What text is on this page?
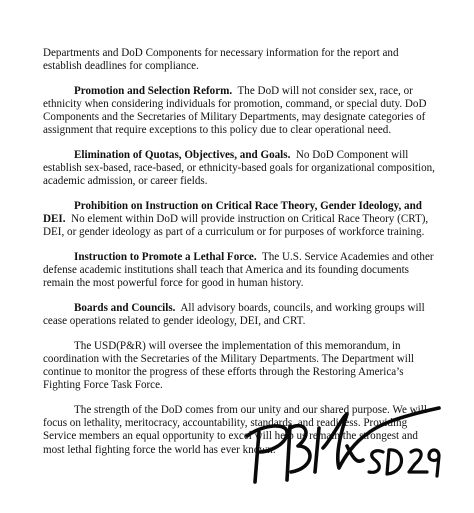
Departments and DoD Components for necessary information for the report and establish deadlines for compliance.

Promotion and Selection Reform. The DoD will not consider sex, race, or ethnicity when considering individuals for promotion, command, or special duty. DoD Components and the Secretaries of Military Departments, may designate categories of assignment that require exceptions to this policy due to clear operational need.

Elimination of Quotas, Objectives, and Goals. No DoD Component will establish sex-based, race-based, or ethnicity-based goals for organizational composition, academic admission, or career fields.

Prohibition on Instruction on Critical Race Theory, Gender Ideology, and DEI. No element within DoD will provide instruction on Critical Race Theory (CRT), DEI, or gender ideology as part of a curriculum or for purposes of workforce training.

Instruction to Promote a Lethal Force. The U.S. Service Academies and other defense academic institutions shall teach that America and its founding documents remain the most powerful force for good in human history.

Boards and Councils. All advisory boards, councils, and working groups will cease operations related to gender ideology, DEI, and CRT.

The USD(P&R) will oversee the implementation of this memorandum, in coordination with the Secretaries of the Military Departments. The Department will continue to monitor the progress of these efforts through the Restoring America’s Fighting Force Task Force.

The strength of the DoD comes from our unity and our shared purpose. We will focus on lethality, meritocracy, accountability, standards, and readiness. Providing Service members an equal opportunity to excel will help us remain the strongest and most lethal fighting force the world has ever known.
